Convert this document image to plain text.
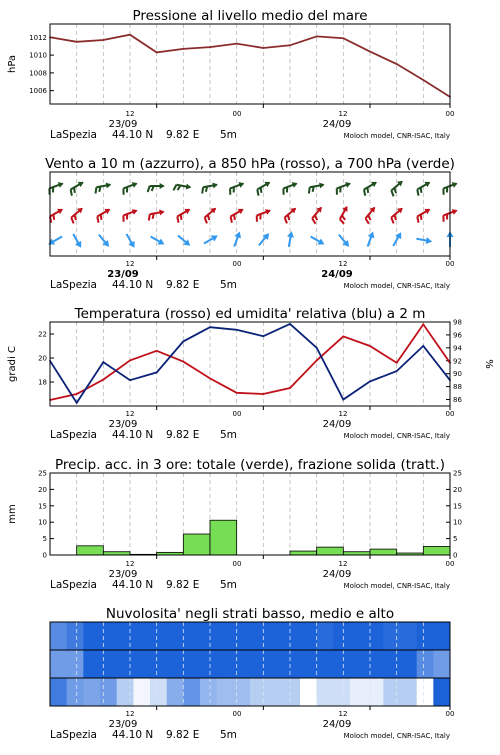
Pressione al livello medio del mare
1006
1008
1010
1012
hPa
12	00	12	00
23/09	24/09
LaSpezia 44.10 N 9.82 E 5m	Moloch model, CNR-ISAC, Italy
Vento a 10 m (azzurro), a 850 hPa (rosso), a 700 hPa (verde)
12	00	12	00
23/09	24/09
LaSpezia 44.10 N 9.82 E 5m	Moloch model, CNR-ISAC, Italy
Temperatura (rosso) ed umidita' relativa (blu) a 2 m
18
20
22
86
88
90
92
94
96
98
gradi C	%
12	00	12	00
23/09	24/09
LaSpezia 44.10 N 9.82 E 5m	Moloch model, CNR-ISAC, Italy
Precip. acc. in 3 ore: totale (verde), frazione solida (tratt.)
0
5
10
15
20
25
0
5
10
15
20
25
mm
12	00	12	00
23/09	24/09
LaSpezia 44.10 N 9.82 E 5m	Moloch model, CNR-ISAC, Italy
Nuvolosita' negli strati basso, medio e alto
12	00	12	00
23/09	24/09
LaSpezia 44.10 N 9.82 E 5m	Moloch model, CNR-ISAC, Italy
